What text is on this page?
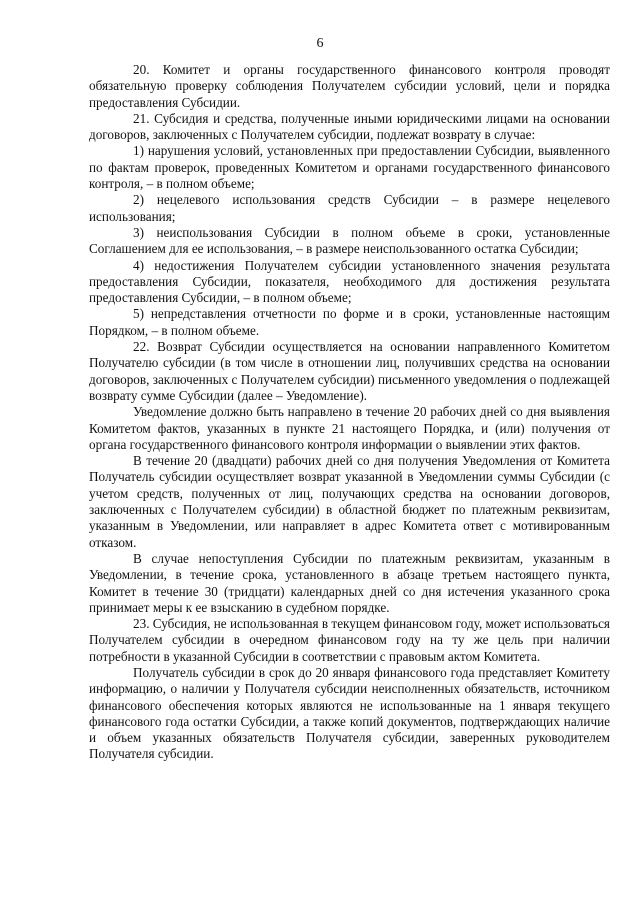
6

20. Комитет и органы государственного финансового контроля проводят обязательную проверку соблюдения Получателем субсидии условий, цели и порядка предоставления Субсидии.

21. Субсидия и средства, полученные иными юридическими лицами на основании договоров, заключенных с Получателем субсидии, подлежат возврату в случае:

1) нарушения условий, установленных при предоставлении Субсидии, выявленного по фактам проверок, проведенных Комитетом и органами государственного финансового контроля, – в полном объеме;

2) нецелевого использования средств Субсидии – в размере нецелевого использования;

3) неиспользования Субсидии в полном объеме в сроки, установленные Соглашением для ее использования, – в размере неиспользованного остатка Субсидии;

4) недостижения Получателем субсидии установленного значения результата предоставления Субсидии, показателя, необходимого для достижения результата предоставления Субсидии, – в полном объеме;

5) непредставления отчетности по форме и в сроки, установленные настоящим Порядком, – в полном объеме.

22. Возврат Субсидии осуществляется на основании направленного Комитетом Получателю субсидии (в том числе в отношении лиц, получивших средства на основании договоров, заключенных с Получателем субсидии) письменного уведомления о подлежащей возврату сумме Субсидии (далее – Уведомление).

Уведомление должно быть направлено в течение 20 рабочих дней со дня выявления Комитетом фактов, указанных в пункте 21 настоящего Порядка, и (или) получения от органа государственного финансового контроля информации о выявлении этих фактов.

В течение 20 (двадцати) рабочих дней со дня получения Уведомления от Комитета Получатель субсидии осуществляет возврат указанной в Уведомлении суммы Субсидии (с учетом средств, полученных от лиц, получающих средства на основании договоров, заключенных с Получателем субсидии) в областной бюджет по платежным реквизитам, указанным в Уведомлении, или направляет в адрес Комитета ответ с мотивированным отказом.

В случае непоступления Субсидии по платежным реквизитам, указанным в Уведомлении, в течение срока, установленного в абзаце третьем настоящего пункта, Комитет в течение 30 (тридцати) календарных дней со дня истечения указанного срока принимает меры к ее взысканию в судебном порядке.

23. Субсидия, не использованная в текущем финансовом году, может использоваться Получателем субсидии в очередном финансовом году на ту же цель при наличии потребности в указанной Субсидии в соответствии с правовым актом Комитета.

Получатель субсидии в срок до 20 января финансового года представляет Комитету информацию, о наличии у Получателя субсидии неисполненных обязательств, источником финансового обеспечения которых являются не использованные на 1 января текущего финансового года остатки Субсидии, а также копий документов, подтверждающих наличие и объем указанных обязательств Получателя субсидии, заверенных руководителем Получателя субсидии.
